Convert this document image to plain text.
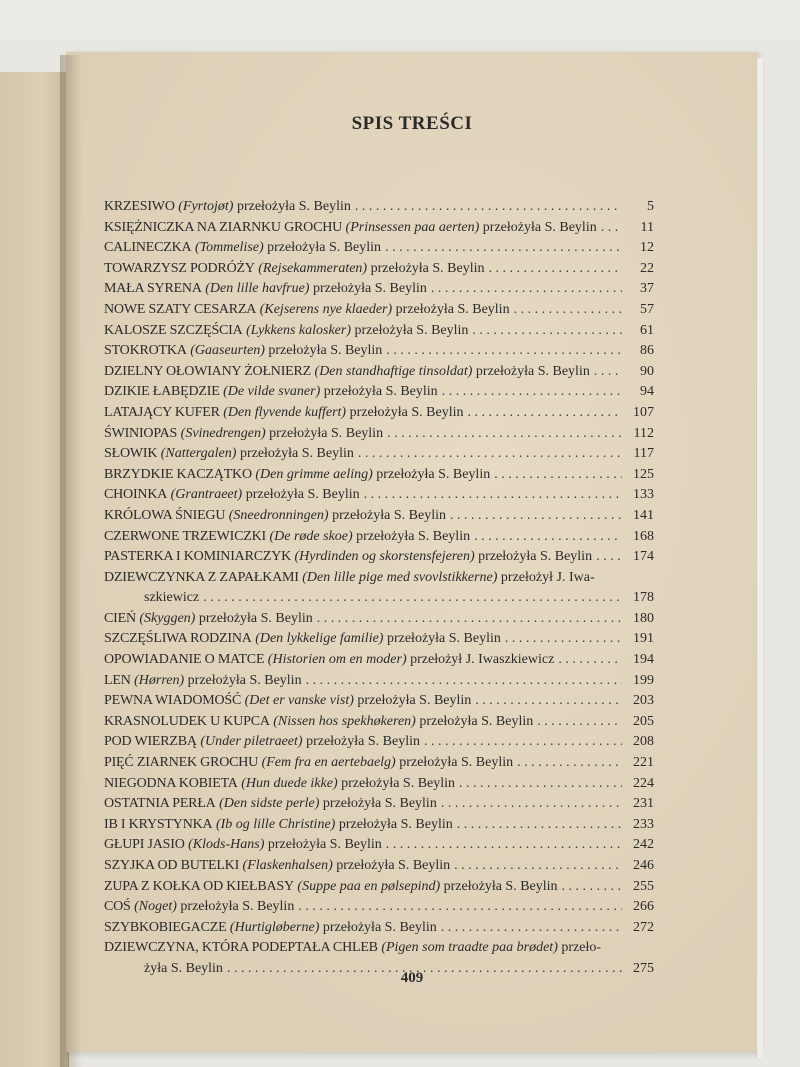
SPIS TREŚCI
KRZESIWO (Fyrtojøt) przełożyła S. Beylin . . .	5
KSIĘŻNICZKA NA ZIARNKU GROCHU (Prinsessen paa aerten) przełożyła S. Beylin . . .	11
CALINECZKA (Tommelise) przełożyła S. Beylin . . .	12
TOWARZYSZ PODRÓŻY (Rejsekammeraten) przełożyła S. Beylin . . .	22
MAŁA SYRENA (Den lille havfrue) przełożyła S. Beylin . . .	37
NOWE SZATY CESARZA (Kejserens nye klaeder) przełożyła S. Beylin . . .	57
KALOSZE SZCZĘŚCIA (Lykkens kalosker) przełożyła S. Beylin . . .	61
STOKROTKA (Gaaseurten) przełożyła S. Beylin . . .	86
DZIELNY OŁOWIANY ŻOŁNIERZ (Den standhaftige tinsoldat) przełożyła S. Beylin . . .	90
DZIKIE ŁABĘDZIE (De vilde svaner) przełożyła S. Beylin . . .	94
LATAJĄCY KUFER (Den flyvende kuffert) przełożyła S. Beylin . . .	107
ŚWINIOPAS (Svinedrengen) przełożyła S. Beylin . . .	112
SŁOWIK (Nattergalen) przełożyła S. Beylin . . .	117
BRZYDKIE KACZĄTKO (Den grimme aeling) przełożyła S. Beylin . . .	125
CHOINKA (Grantraeet) przełożyła S. Beylin . . .	133
KRÓLOWA ŚNIEGU (Sneedronningen) przełożyła S. Beylin . . .	141
CZERWONE TRZEWICZKI (De røde skoe) przełożyła S. Beylin . . .	168
PASTERKA I KOMINIARCZYK (Hyrdinden og skorstensfejeren) przełożyła S. Beylin . . .	174
DZIEWCZYNKA Z ZAPAŁKAMI (Den lille pige med svovlstikkerne) przełożył J. Iwa-
szkiewicz . . .	178
CIEŃ (Skyggen) przełożyła S. Beylin . . .	180
SZCZĘŚLIWA RODZINA (Den lykkelige familie) przełożyła S. Beylin . . .	191
OPOWIADANIE O MATCE (Historien om en moder) przełożył J. Iwaszkiewicz . . .	194
LEN (Hørren) przełożyła S. Beylin . . .	199
PEWNA WIADOMOŚĆ (Det er vanske vist) przełożyła S. Beylin . . .	203
KRASNOLUDEK U KUPCA (Nissen hos spekhøkeren) przełożyła S. Beylin . . .	205
POD WIERZBĄ (Under piletraeet) przełożyła S. Beylin . . .	208
PIĘĆ ZIARNEK GROCHU (Fem fra en aertebaelg) przełożyła S. Beylin . . .	221
NIEGODNA KOBIETA (Hun duede ikke) przełożyła S. Beylin . . .	224
OSTATNIA PERŁA (Den sidste perle) przełożyła S. Beylin . . .	231
IB I KRYSTYNKA (Ib og lille Christine) przełożyła S. Beylin . . .	233
GŁUPI JASIO (Klods-Hans) przełożyła S. Beylin . . .	242
SZYJKA OD BUTELKI (Flaskenhalsen) przełożyła S. Beylin . . .	246
ZUPA Z KOŁKA OD KIEŁBASY (Suppe paa en pølsepind) przełożyła S. Beylin . . .	255
COŚ (Noget) przełożyła S. Beylin . . .	266
SZYBKOBIEGACZE (Hurtigløberne) przełożyła S. Beylin . . .	272
DZIEWCZYNA, KTÓRA PODEPTAŁA CHLEB (Pigen som traadte paa brødet) przeło-
żyła S. Beylin . . .	275
409
